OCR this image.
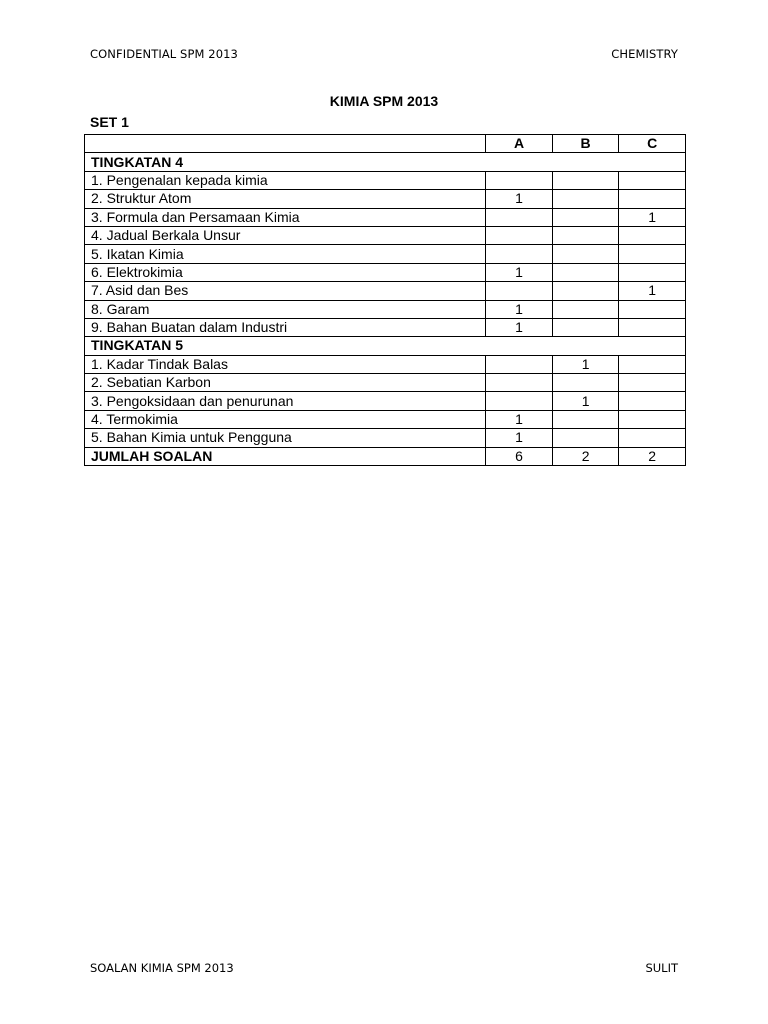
CONFIDENTIAL SPM 2013	CHEMISTRY
KIMIA SPM 2013
SET 1
	A	B	C
TINGKATAN 4			
1. Pengenalan kepada kimia			
2. Struktur Atom	1		
3. Formula dan Persamaan Kimia			1
4. Jadual Berkala Unsur			
5. Ikatan Kimia			
6. Elektrokimia	1		
7. Asid dan Bes			1
8. Garam	1		
9. Bahan Buatan dalam Industri	1		
TINGKATAN 5			
1. Kadar Tindak Balas		1	
2. Sebatian Karbon			
3. Pengoksidaan dan penurunan		1	
4. Termokimia	1		
5. Bahan Kimia untuk Pengguna	1		
JUMLAH SOALAN	6	2	2
SOALAN KIMIA SPM 2013	SULIT
